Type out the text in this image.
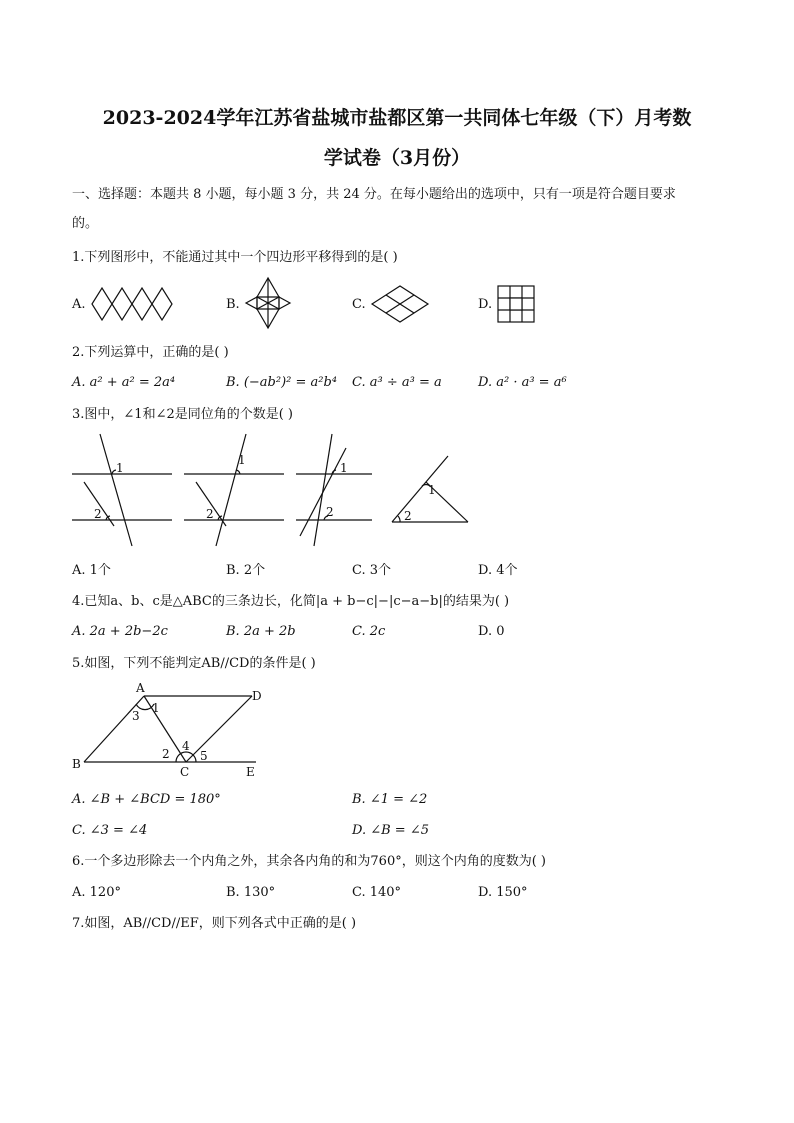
2023-2024学年江苏省盐城市盐都区第一共同体七年级（下）月考数
学试卷（3月份）
一、选择题：本题共 8 小题，每小题 3 分，共 24 分。在每小题给出的选项中，只有一项是符合题目要求
的。
1.下列图形中，不能通过其中一个四边形平移得到的是( )
A.	B.	C.	D.
2.下列运算中，正确的是( )
A. a² + a² = 2a⁴	B. (−ab²)² = a²b⁴ C. a³ ÷ a³ = a	D. a² · a³ = a⁶
3.图中，∠1和∠2是同位角的个数是( )
1
2
1
2
1
2
1
2
A. 1个	B. 2个	C. 3个	D. 4个
4.已知a、b、c是△ABC的三条边长，化简|a + b−c|−|c−a−b|的结果为( )
A. 2a + 2b−2c	B. 2a + 2b	C. 2c	D. 0
5.如图，下列不能判定AB//CD的条件是( )
A
D
B
C	E
1
2
3
4
5
A. ∠B + ∠BCD = 180°	B. ∠1 = ∠2
C. ∠3 = ∠4	D. ∠B = ∠5
6.一个多边形除去一个内角之外，其余各内角的和为760°，则这个内角的度数为( )
A. 120°	B. 130°	C. 140°	D. 150°
7.如图，AB//CD//EF，则下列各式中正确的是( )
